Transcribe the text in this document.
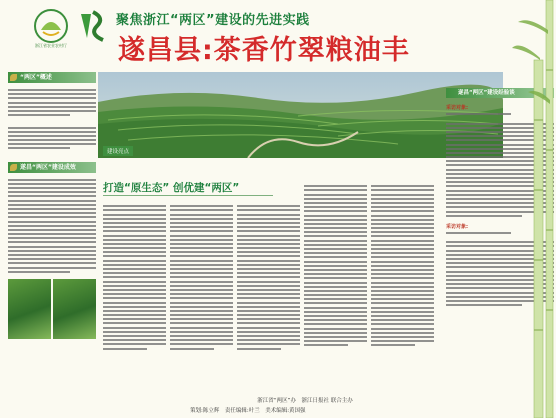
浙江省农业农村厅
聚焦浙江“两区”建设的先进实践
遂昌县:茶香竹翠粮油丰
“两区”概述
遂昌“两区”建设成效
建设亮点
打造“原生态” 创优建“两区”
遂昌“两区”建设经验谈
采访对象:
采访对象:
浙江省“两区”办　浙江日报社 联合主办
策划:陈立辉　责任编辑:叶兰　美术编辑:黄国强
